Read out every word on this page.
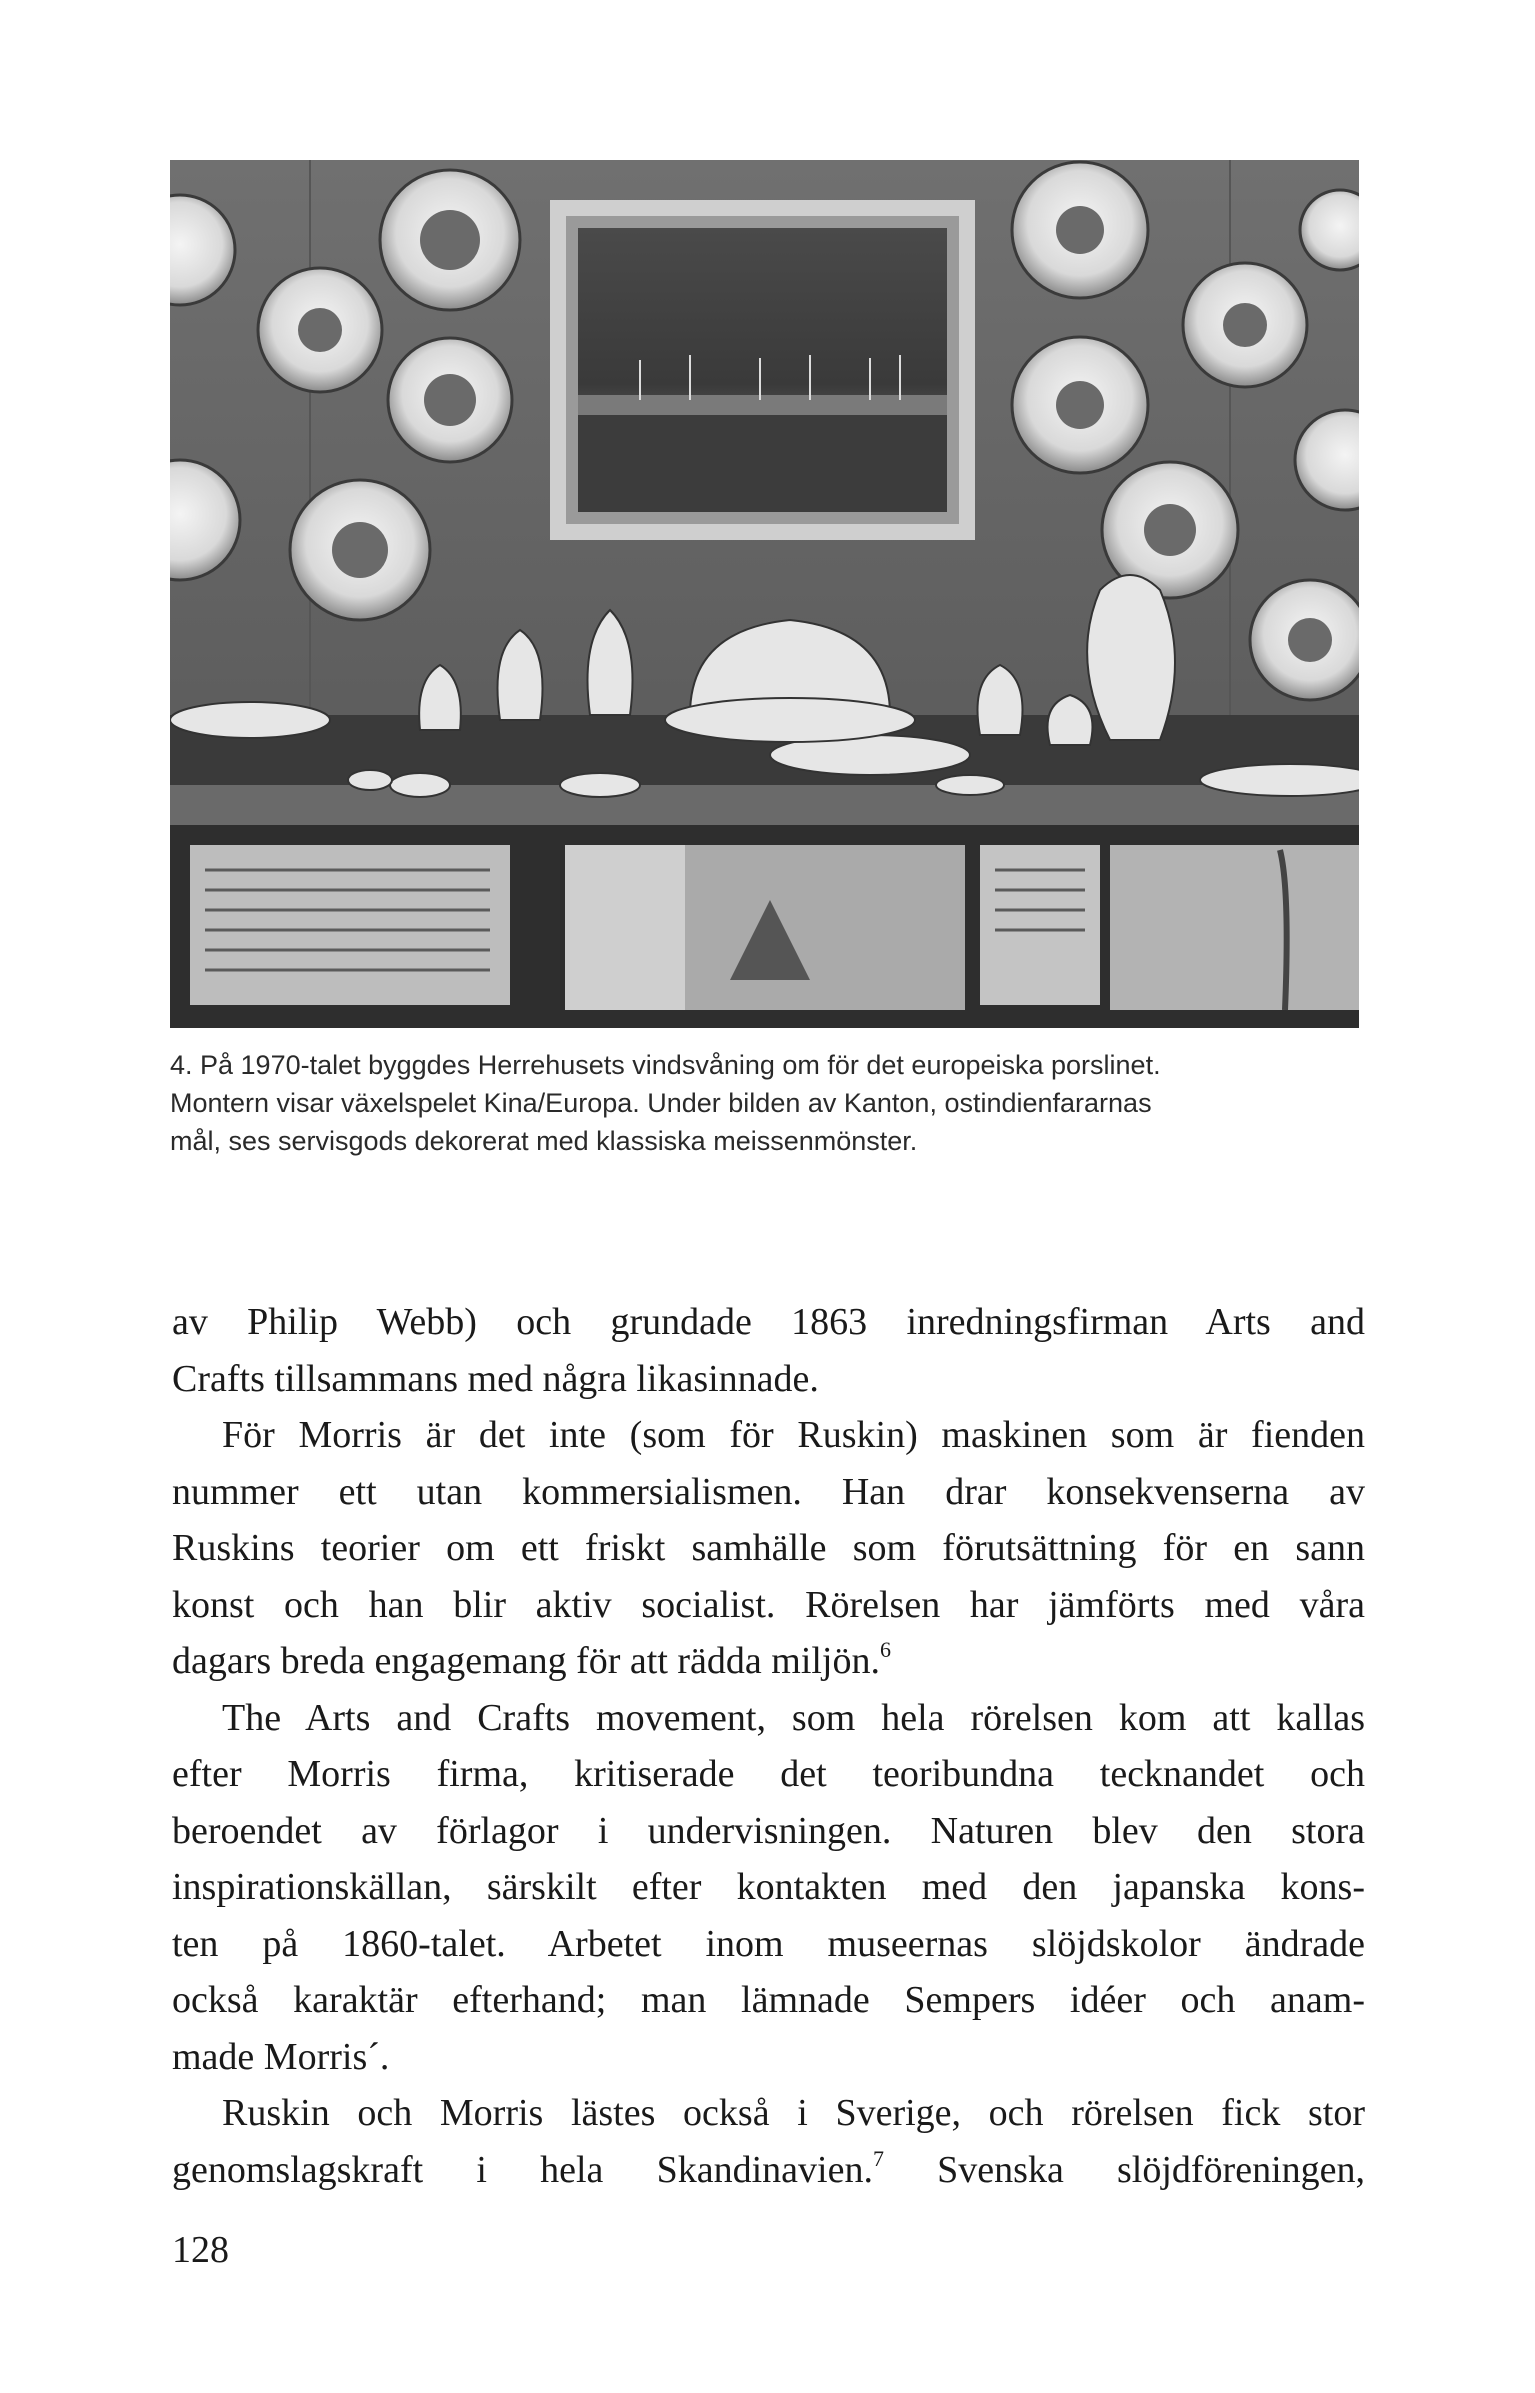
4. På 1970-talet byggdes Herrehusets vindsvåning om för det europeiska porslinet.
Montern visar växelspelet Kina/Europa. Under bilden av Kanton, ostindienfararnas
mål, ses servisgods dekorerat med klassiska meissenmönster.
av Philip Webb) och grundade 1863 inredningsfirman Arts and
Crafts tillsammans med några likasinnade.
För Morris är det inte (som för Ruskin) maskinen som är fienden
nummer ett utan kommersialismen. Han drar konsekvenserna av
Ruskins teorier om ett friskt samhälle som förutsättning för en sann
konst och han blir aktiv socialist. Rörelsen har jämförts med våra
dagars breda engagemang för att rädda miljön.$^6$
The Arts and Crafts movement, som hela rörelsen kom att kallas
efter Morris firma, kritiserade det teoribundna tecknandet och
beroendet av förlagor i undervisningen. Naturen blev den stora
inspirationskällan, särskilt efter kontakten med den japanska kons-
ten på 1860-talet. Arbetet inom museernas slöjdskolor ändrade
också karaktär efterhand; man lämnade Sempers idéer och anam-
made Morris´.
Ruskin och Morris lästes också i Sverige, och rörelsen fick stor
genomslagskraft i hela Skandinavien.$^7$ Svenska slöjdföreningen,
128
